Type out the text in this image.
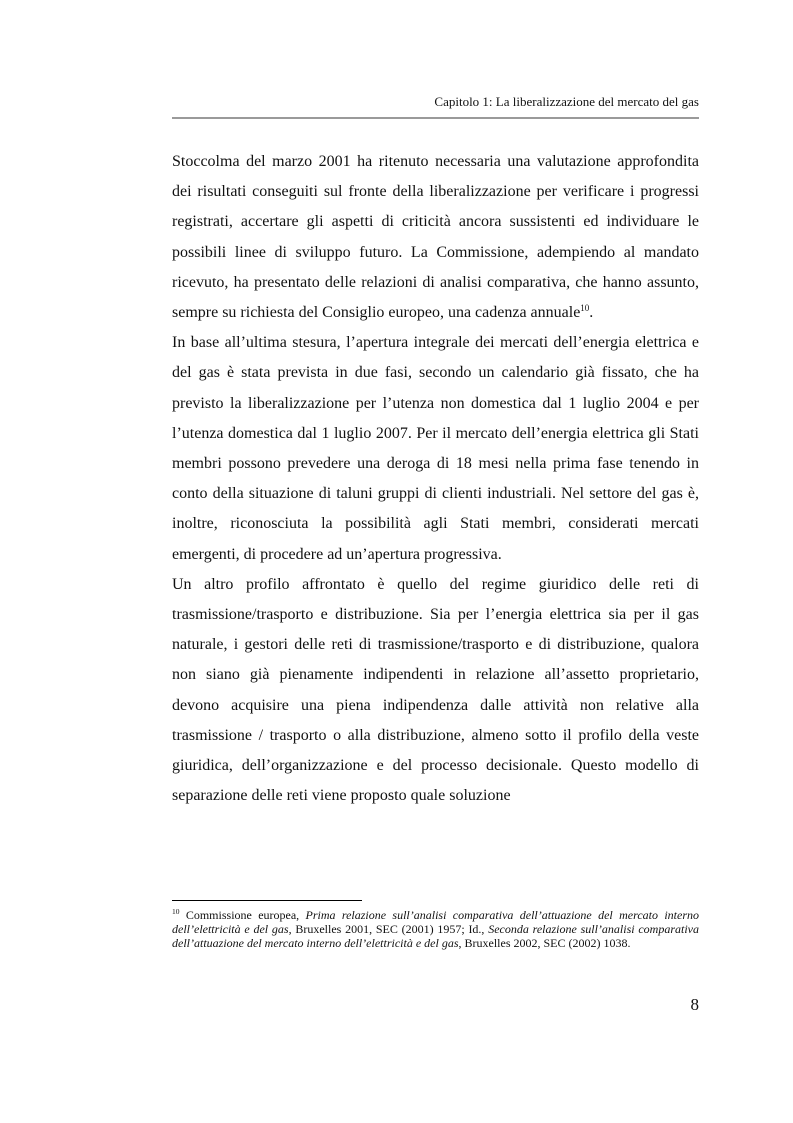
Capitolo 1: La liberalizzazione del mercato del gas

Stoccolma del marzo 2001 ha ritenuto necessaria una valutazione approfondita dei risultati conseguiti sul fronte della liberalizzazione per verificare i progressi registrati, accertare gli aspetti di criticità ancora sussistenti ed individuare le possibili linee di sviluppo futuro. La Commissione, adempiendo al mandato ricevuto, ha presentato delle relazioni di analisi comparativa, che hanno assunto, sempre su richiesta del Consiglio europeo, una cadenza annuale$^{10}$.

In base all’ultima stesura, l’apertura integrale dei mercati dell’energia elettrica e del gas è stata prevista in due fasi, secondo un calendario già fissato, che ha previsto la liberalizzazione per l’utenza non domestica dal 1 luglio 2004 e per l’utenza domestica dal 1 luglio 2007. Per il mercato dell’energia elettrica gli Stati membri possono prevedere una deroga di 18 mesi nella prima fase tenendo in conto della situazione di taluni gruppi di clienti industriali. Nel settore del gas è, inoltre, riconosciuta la possibilità agli Stati membri, considerati mercati emergenti, di procedere ad un’apertura progressiva.

Un altro profilo affrontato è quello del regime giuridico delle reti di trasmissione/trasporto e distribuzione. Sia per l’energia elettrica sia per il gas naturale, i gestori delle reti di trasmissione/trasporto e di distribuzione, qualora non siano già pienamente indipendenti in relazione all’assetto proprietario, devono acquisire una piena indipendenza dalle attività non relative alla trasmissione / trasporto o alla distribuzione, almeno sotto il profilo della veste giuridica, dell’organizzazione e del processo decisionale. Questo modello di separazione delle reti viene proposto quale soluzione

$^{10}$ Commissione europea, Prima relazione sull’analisi comparativa dell’attuazione del mercato interno dell’elettricità e del gas, Bruxelles 2001, SEC (2001) 1957; Id., Seconda relazione sull’analisi comparativa dell’attuazione del mercato interno dell’elettricità e del gas, Bruxelles 2002, SEC (2002) 1038.
8
